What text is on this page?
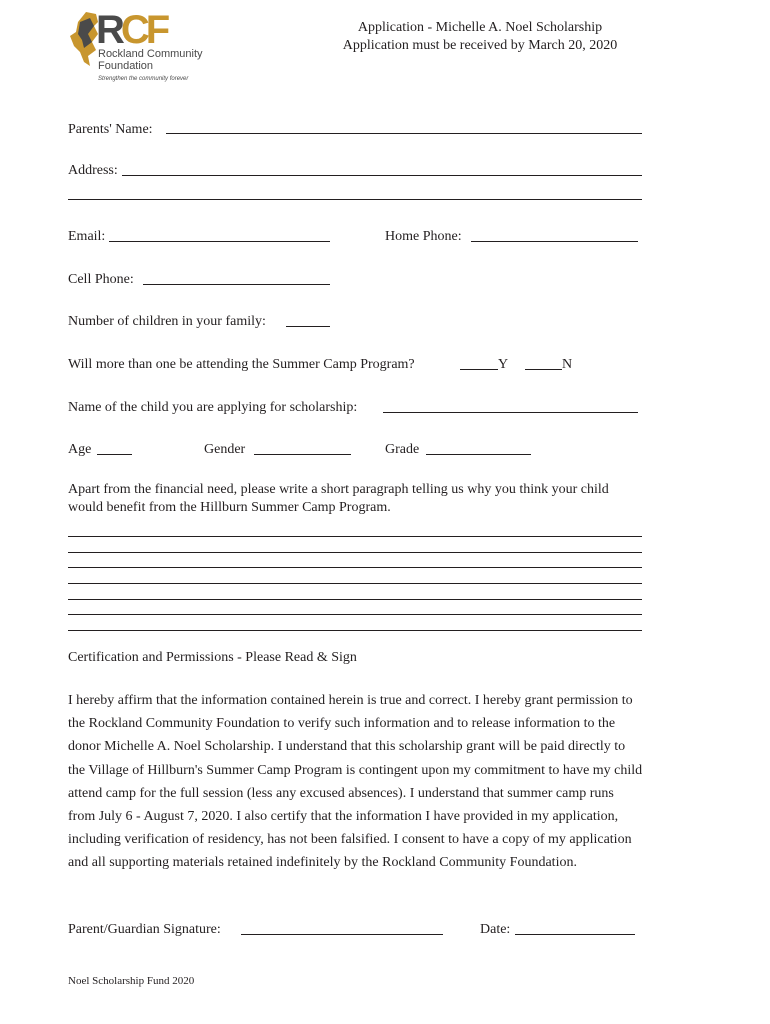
RCF
Rockland Community
Foundation
Strengthen the community forever
Application - Michelle A. Noel Scholarship
Application must be received by March 20, 2020
Parents' Name:
Address:
Email:	Home Phone:
Cell Phone:
Number of children in your family:
Will more than one be attending the Summer Camp Program?	Y	N
Name of the child you are applying for scholarship:
Age	Gender	Grade
Apart from the financial need, please write a short paragraph telling us why you think your child would benefit from the Hillburn Summer Camp Program.
Certification and Permissions - Please Read & Sign
I hereby affirm that the information contained herein is true and correct. I hereby grant permission to the Rockland Community Foundation to verify such information and to release information to the donor Michelle A. Noel Scholarship. I understand that this scholarship grant will be paid directly to the Village of Hillburn's Summer Camp Program is contingent upon my commitment to have my child attend camp for the full session (less any excused absences). I understand that summer camp runs from July 6 - August 7, 2020. I also certify that the information I have provided in my application, including verification of residency, has not been falsified. I consent to have a copy of my application and all supporting materials retained indefinitely by the Rockland Community Foundation.
Parent/Guardian Signature:	Date:
Noel Scholarship Fund 2020
